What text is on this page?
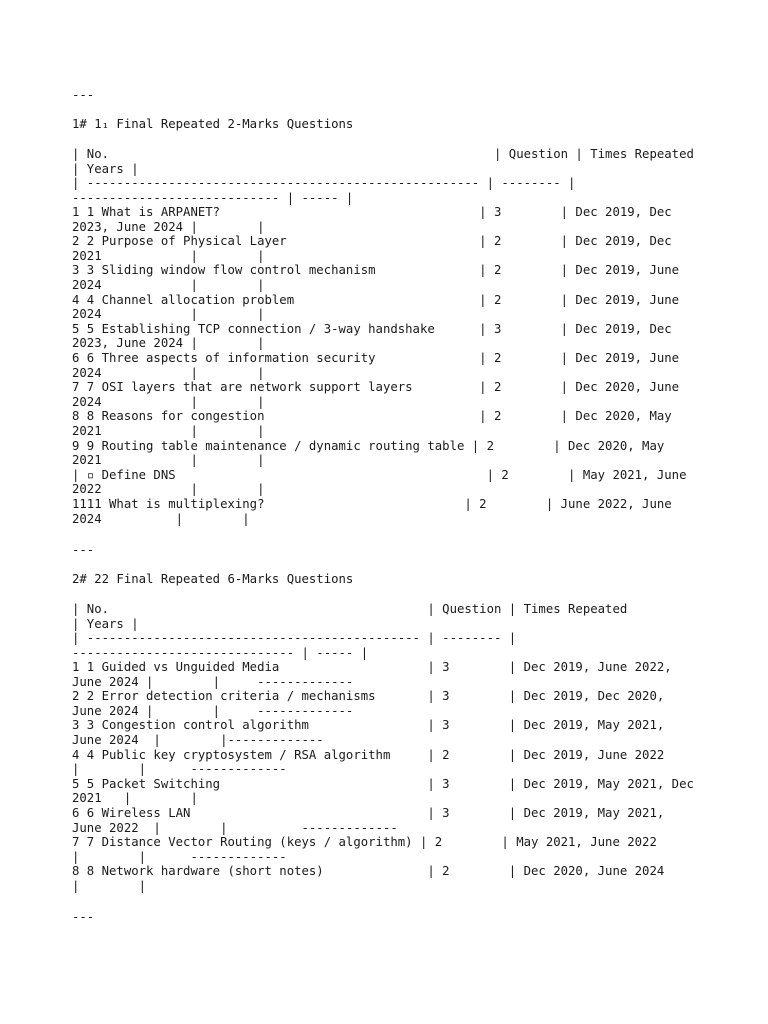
---
1# 1₁ Final Repeated 2-Marks Questions
| No.                                                    | Question | Times Repeated
| Years |
| ----------------------------------------------------- | -------- |
---------------------------- | ----- |
1 1 What is ARPANET?                                   | 3        | Dec 2019, Dec
2023, June 2024 |        |
2 2 Purpose of Physical Layer                          | 2        | Dec 2019, Dec
2021            |        |
3 3 Sliding window flow control mechanism              | 2        | Dec 2019, June
2024            |        |
4 4 Channel allocation problem                         | 2        | Dec 2019, June
2024            |        |
5 5 Establishing TCP connection / 3-way handshake      | 3        | Dec 2019, Dec
2023, June 2024 |        |
6 6 Three aspects of information security              | 2        | Dec 2019, June
2024            |        |
7 7 OSI layers that are network support layers         | 2        | Dec 2020, June
2024            |        |
8 8 Reasons for congestion                             | 2        | Dec 2020, May
2021            |        |
9 9 Routing table maintenance / dynamic routing table | 2        | Dec 2020, May
2021            |        |
| ▫ Define DNS                                          | 2        | May 2021, June
2022            |        |
1111 What is multiplexing?                           | 2        | June 2022, June
2024          |        |
---
2# 22 Final Repeated 6-Marks Questions
| No.                                           | Question | Times Repeated
| Years |
| --------------------------------------------- | -------- |
------------------------------ | ----- |
1 1 Guided vs Unguided Media                    | 3        | Dec 2019, June 2022,
June 2024 |        |     -------------
2 2 Error detection criteria / mechanisms       | 3        | Dec 2019, Dec 2020,
June 2024 |        |     -------------
3 3 Congestion control algorithm                | 3        | Dec 2019, May 2021,
June 2024  |        |-------------
4 4 Public key cryptosystem / RSA algorithm     | 2        | Dec 2019, June 2022
|        |      -------------
5 5 Packet Switching                            | 3        | Dec 2019, May 2021, Dec
2021   |        |
6 6 Wireless LAN                                | 3        | Dec 2019, May 2021,
June 2022  |        |          -------------
7 7 Distance Vector Routing (keys / algorithm) | 2        | May 2021, June 2022
|        |      -------------
8 8 Network hardware (short notes)              | 2        | Dec 2020, June 2024
|        |
---
